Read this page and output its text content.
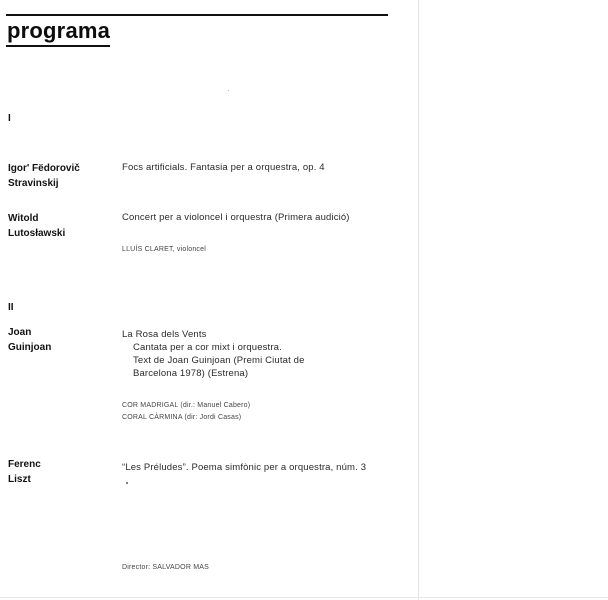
programa
I
Igor' Fëdorovič
Stravinskij
Focs artificials. Fantasia per a orquestra, op. 4
Witold
Lutosławski
Concert per a violoncel i orquestra (Primera audició)
LLUÍS CLARET, violoncel
II
Joan
Guinjoan
La Rosa dels Vents
Cantata per a cor mixt i orquestra.
Text de Joan Guinjoan (Premi Ciutat de
Barcelona 1978) (Estrena)
COR MADRIGAL (dir.: Manuel Cabero)
CORAL CÀRMINA (dir: Jordi Casas)
Ferenc
Liszt
“Les Préludes”. Poema simfònic per a orquestra, núm. 3
Director: SALVADOR MAS
